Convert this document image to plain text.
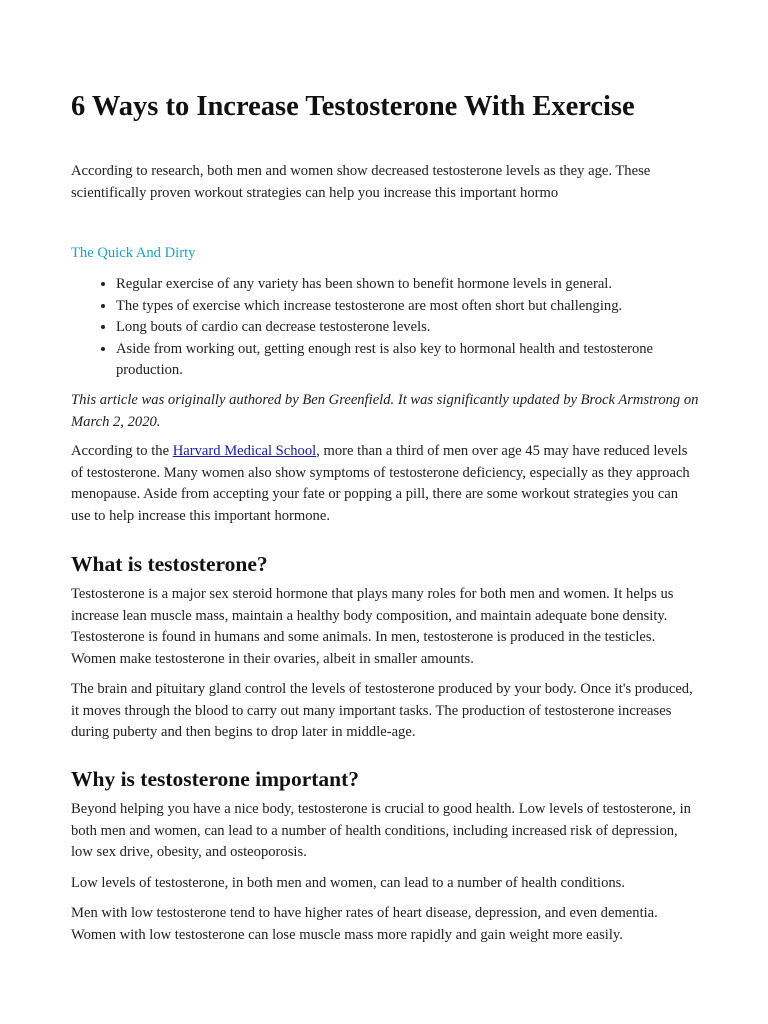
6 Ways to Increase Testosterone With Exercise

According to research, both men and women show decreased testosterone levels as they age. These scientifically proven workout strategies can help you increase this important hormo

The Quick And Dirty

• Regular exercise of any variety has been shown to benefit hormone levels in general.
• The types of exercise which increase testosterone are most often short but challenging.
• Long bouts of cardio can decrease testosterone levels.
• Aside from working out, getting enough rest is also key to hormonal health and testosterone production.

This article was originally authored by Ben Greenfield. It was significantly updated by Brock Armstrong on March 2, 2020.

According to the Harvard Medical School, more than a third of men over age 45 may have reduced levels of testosterone. Many women also show symptoms of testosterone deficiency, especially as they approach menopause. Aside from accepting your fate or popping a pill, there are some workout strategies you can use to help increase this important hormone.

What is testosterone?

Testosterone is a major sex steroid hormone that plays many roles for both men and women. It helps us increase lean muscle mass, maintain a healthy body composition, and maintain adequate bone density. Testosterone is found in humans and some animals. In men, testosterone is produced in the testicles. Women make testosterone in their ovaries, albeit in smaller amounts.

The brain and pituitary gland control the levels of testosterone produced by your body. Once it's produced, it moves through the blood to carry out many important tasks. The production of testosterone increases during puberty and then begins to drop later in middle-age.

Why is testosterone important?

Beyond helping you have a nice body, testosterone is crucial to good health. Low levels of testosterone, in both men and women, can lead to a number of health conditions, including increased risk of depression, low sex drive, obesity, and osteoporosis.

Low levels of testosterone, in both men and women, can lead to a number of health conditions.

Men with low testosterone tend to have higher rates of heart disease, depression, and even dementia. Women with low testosterone can lose muscle mass more rapidly and gain weight more easily.
